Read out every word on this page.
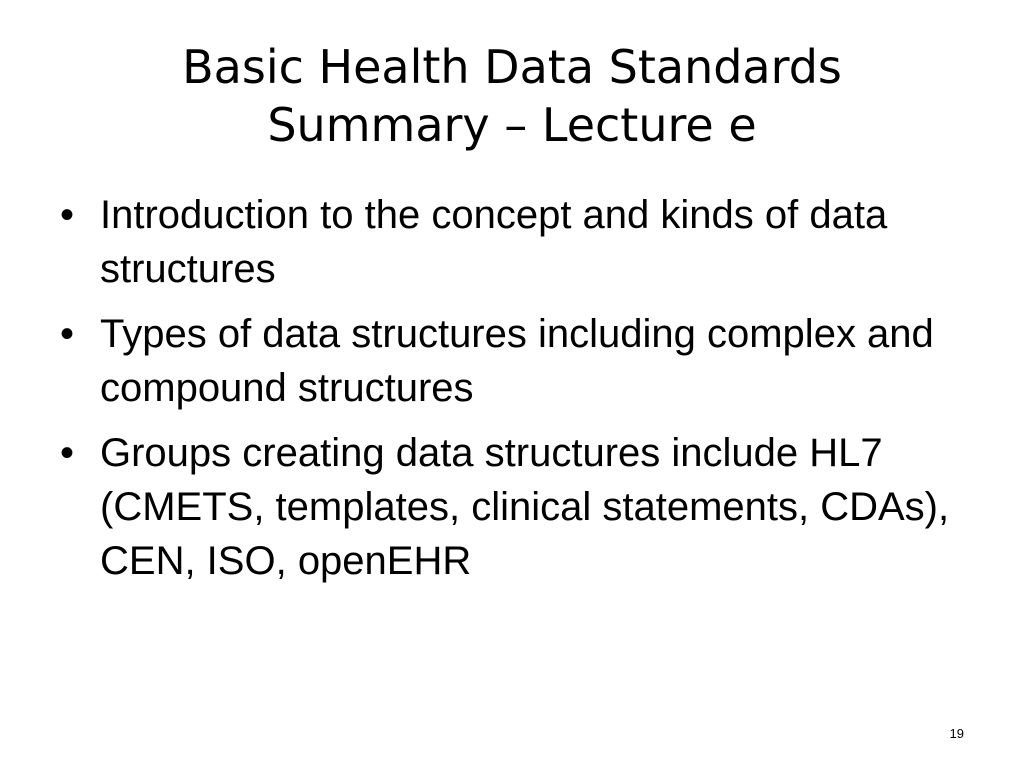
Basic Health Data Standards
Summary – Lecture e
• Introduction to the concept and kinds of data structures
• Types of data structures including complex and compound structures
• Groups creating data structures include HL7 (CMETS, templates, clinical statements, CDAs), CEN, ISO, openEHR
19
